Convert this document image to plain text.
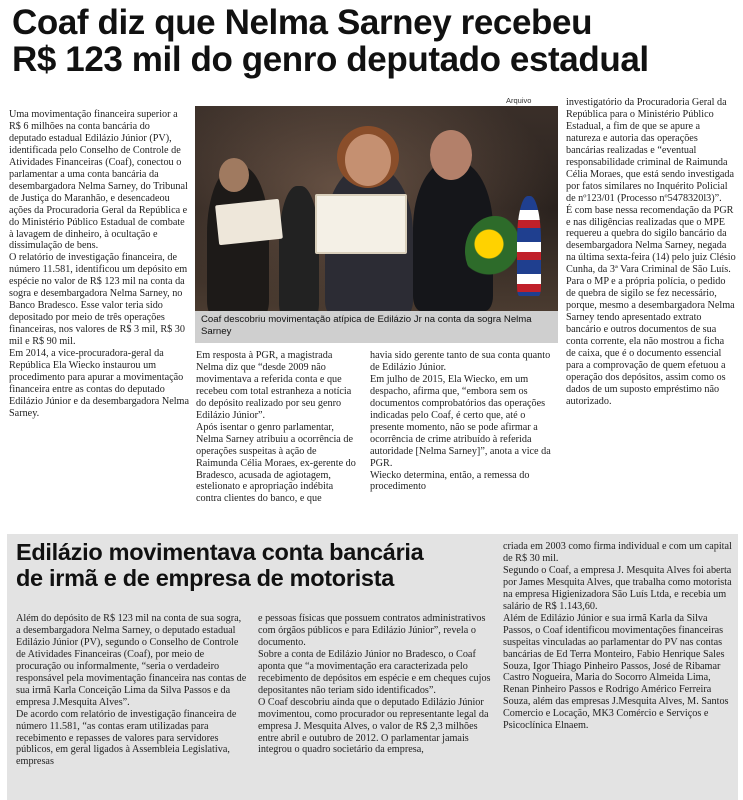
Coaf diz que Nelma Sarney recebeu
R$ 123 mil do genro deputado estadual

Uma movimentação financeira superior a R$ 6 milhões na conta bancária do deputado estadual Edilázio Júnior (PV), identificada pelo Conselho de Controle de Atividades Financeiras (Coaf), conectou o parlamentar a uma conta bancária da desembargadora Nelma Sarney, do Tribunal de Justiça do Maranhão, e desencadeou ações da Procuradoria Geral da República e do Ministério Público Estadual de combate à lavagem de dinheiro, à ocultação e dissimulação de bens.

O relatório de investigação financeira, de número 11.581, identificou um depósito em espécie no valor de R$ 123 mil na conta da sogra e desembargadora Nelma Sarney, no Banco Bradesco. Esse valor teria sido depositado por meio de três operações financeiras, nos valores de R$ 3 mil, R$ 30 mil e R$ 90 mil.

Em 2014, a vice-procuradora-geral da República Ela Wiecko instaurou um procedimento para apurar a movimentação financeira entre as contas do deputado Edilázio Júnior e da desembargadora Nelma Sarney.

Arquivo
Coaf descobriu movimentação atípica de Edilázio Jr na conta da sogra Nelma Sarney

investigatório da Procuradoria Geral da República para o Ministério Público Estadual, a fim de que se apure a natureza e autoria das operações bancárias realizadas e “eventual responsabilidade criminal de Raimunda Célia Moraes, que está sendo investigada por fatos similares no Inquérito Policial de nº123/01 (Processo nº5478320l3)”.

É com base nessa recomendação da PGR e nas diligências realizadas que o MPE requereu a quebra do sigilo bancário da desembargadora Nelma Sarney, negada na última sexta-feira (14) pelo juiz Clésio Cunha, da 3ª Vara Criminal de São Luís.

Para o MP e a própria polícia, o pedido de quebra de sigilo se fez necessário, porque, mesmo a desembargadora Nelma Sarney tendo apresentado extrato bancário e outros documentos de sua conta corrente, ela não mostrou a ficha de caixa, que é o documento essencial para a comprovação de quem efetuou a operação dos depósitos, assim como os dados de um suposto empréstimo não autorizado.

Em resposta à PGR, a magistrada Nelma diz que “desde 2009 não movimentava a referida conta e que recebeu com total estranheza a notícia do depósito realizado por seu genro Edilázio Júnior”.

Após isentar o genro parlamentar, Nelma Sarney atribuiu a ocorrência de operações suspeitas à ação de Raimunda Célia Moraes, ex-gerente do Bradesco, acusada de agiotagem, estelionato e apropriação indébita contra clientes do banco, e que

havia sido gerente tanto de sua conta quanto de Edilázio Júnior.

Em julho de 2015, Ela Wiecko, em um despacho, afirma que, “embora sem os documentos comprobatórios das operações indicadas pelo Coaf, é certo que, até o presente momento, não se pode afirmar a ocorrência de crime atribuído à referida autoridade [Nelma Sarney]”, anota a vice da PGR.

Wiecko determina, então, a remessa do procedimento

Edilázio movimentava conta bancária
de irmã e de empresa de motorista

Além do depósito de R$ 123 mil na conta de sua sogra, a desembargadora Nelma Sarney, o deputado estadual Edilázio Júnior (PV), segundo o Conselho de Controle de Atividades Financeiras (Coaf), por meio de procuração ou informalmente, “seria o verdadeiro responsável pela movimentação financeira nas contas de sua irmã Karla Conceição Lima da Silva Passos e da empresa J.Mesquita Alves”.

De acordo com relatório de investigação financeira de número 11.581, “as contas eram utilizadas para recebimento e repasses de valores para servidores públicos, em geral ligados à Assembleia Legislativa, empresas

e pessoas físicas que possuem contratos administrativos com órgãos públicos e para Edilázio Júnior”, revela o documento.

Sobre a conta de Edilázio Júnior no Bradesco, o Coaf aponta que “a movimentação era caracterizada pelo recebimento de depósitos em espécie e em cheques cujos depositantes não teriam sido identificados”.

O Coaf descobriu ainda que o deputado Edilázio Júnior movimentou, como procurador ou representante legal da empresa J. Mesquita Alves, o valor de R$ 2,3 milhões entre abril e outubro de 2012. O parlamentar jamais integrou o quadro societário da empresa,

criada em 2003 como firma individual e com um capital de R$ 30 mil.

Segundo o Coaf, a empresa J. Mesquita Alves foi aberta por James Mesquita Alves, que trabalha como motorista na empresa Higienizadora São Luís Ltda, e recebia um salário de R$ 1.143,60.

Além de Edilázio Júnior e sua irmã Karla da Silva Passos, o Coaf identificou movimentações financeiras suspeitas vinculadas ao parlamentar do PV nas contas bancárias de Ed Terra Monteiro, Fabio Henrique Sales Souza, Igor Thiago Pinheiro Passos, José de Ribamar Castro Nogueira, Maria do Socorro Almeida Lima, Renan Pinheiro Passos e Rodrigo Américo Ferreira Souza, além das empresas J.Mesquita Alves, M. Santos Comercio e Locação, MK3 Comércio e Serviços e Psicoclínica Elnaem.
